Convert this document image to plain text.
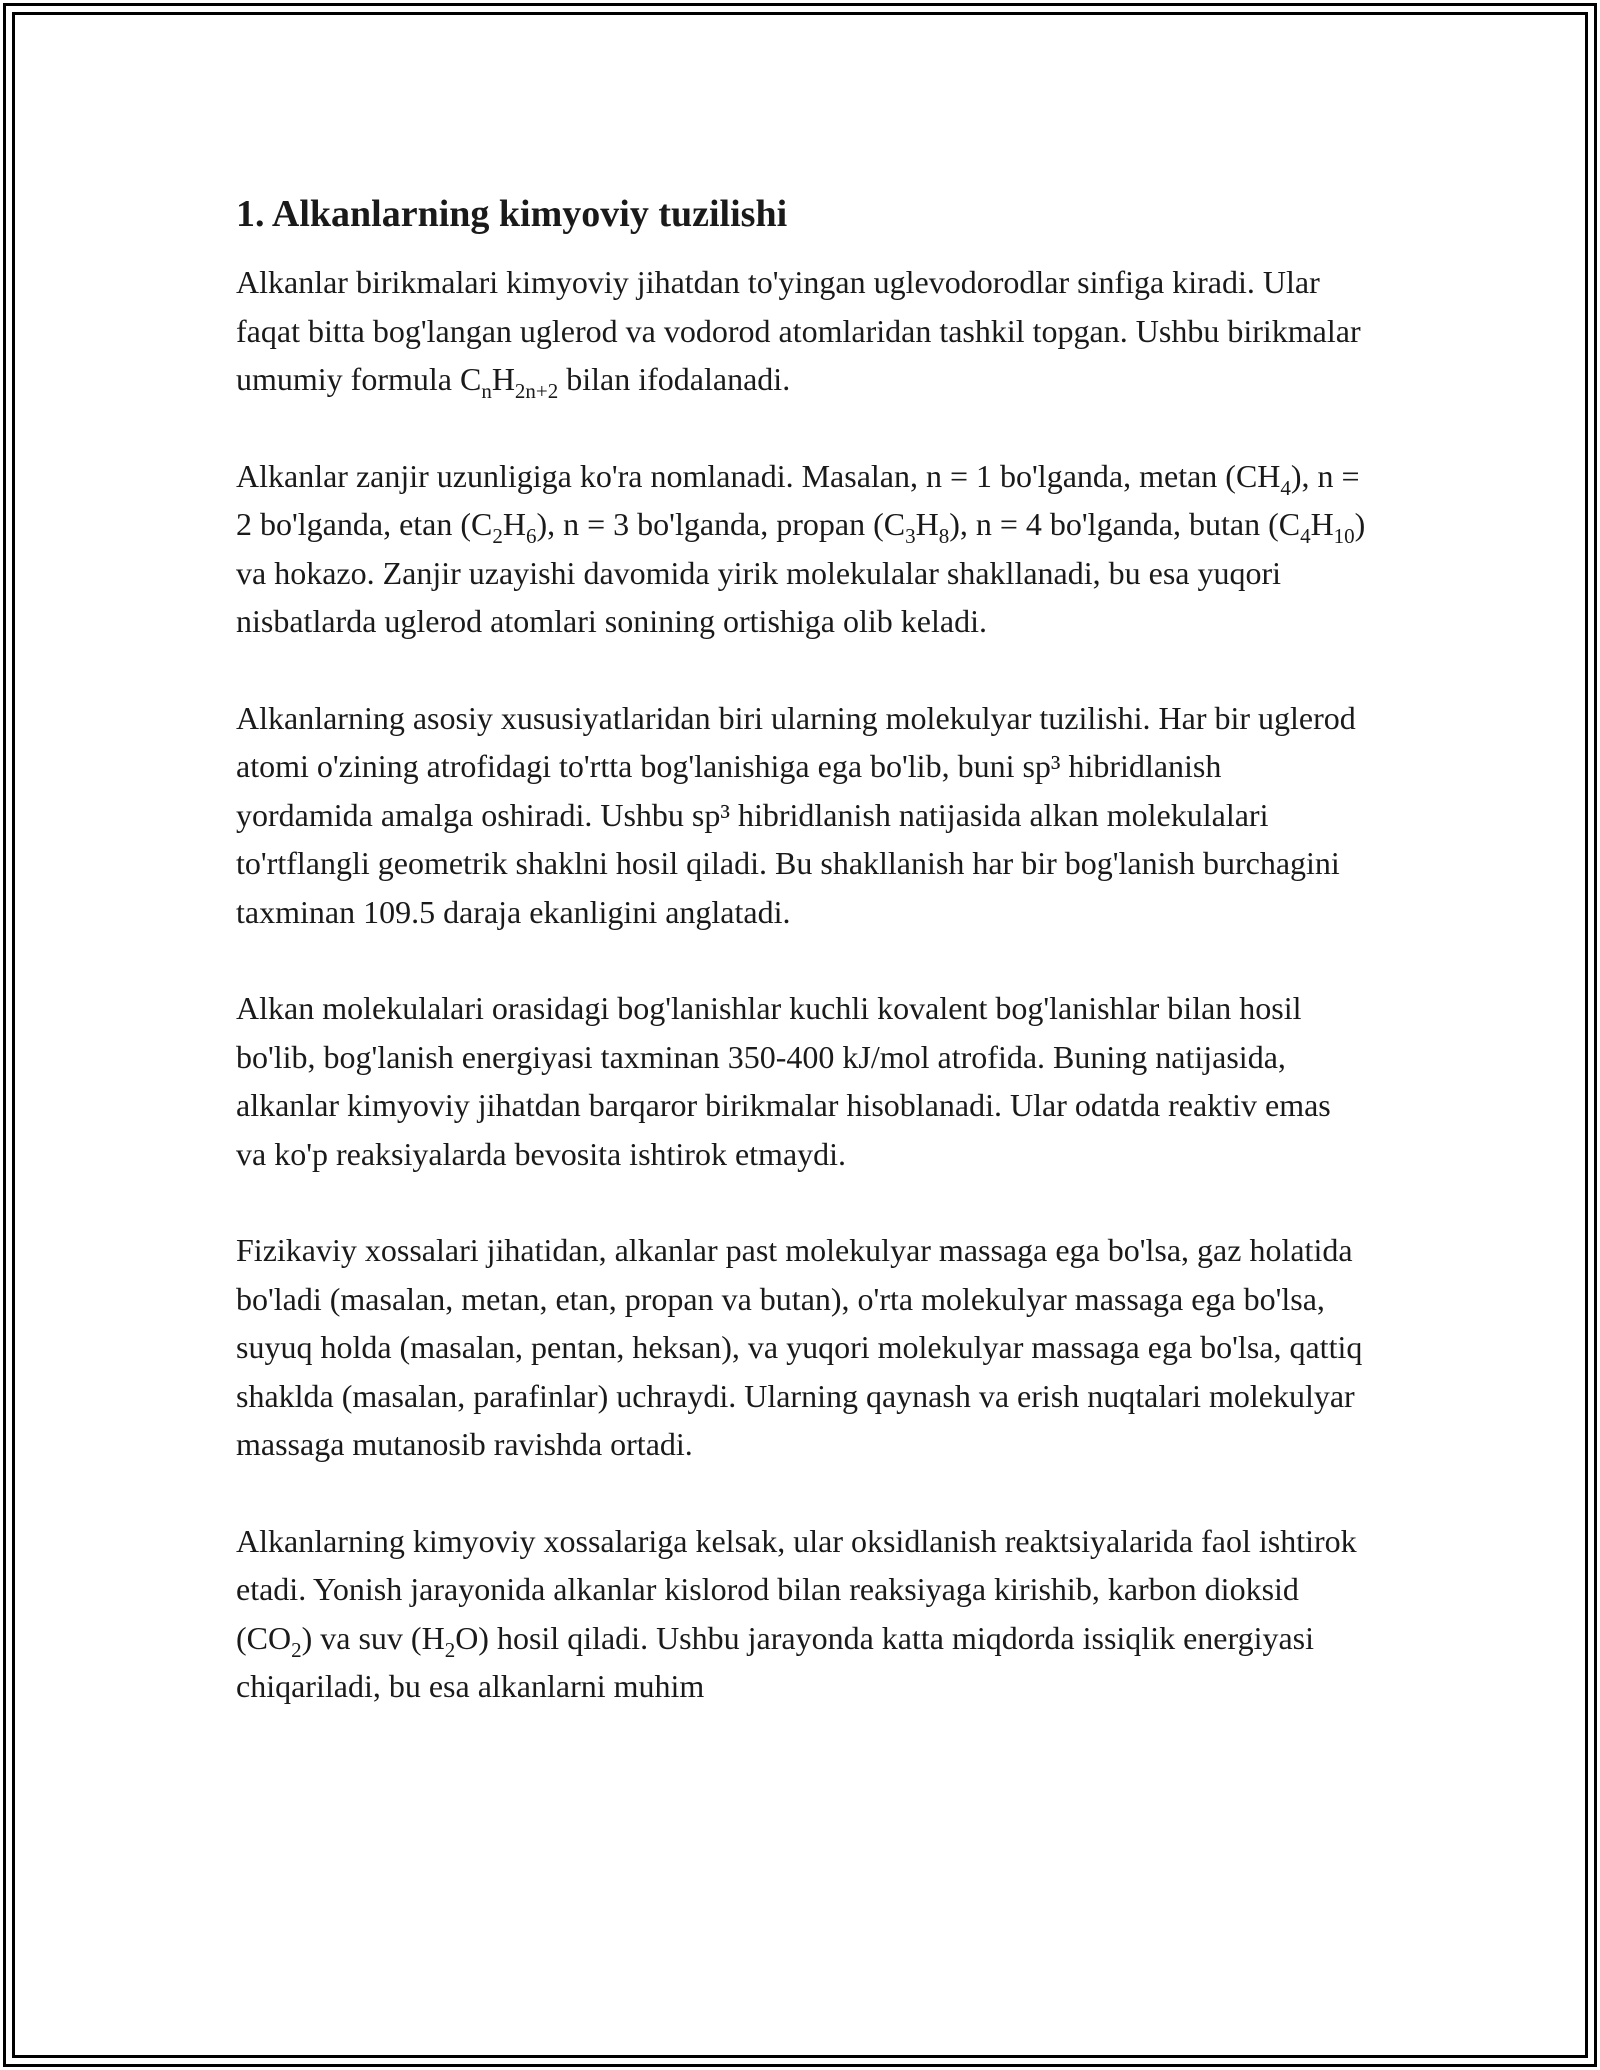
1. Alkanlarning kimyoviy tuzilishi

Alkanlar birikmalari kimyoviy jihatdan to'yingan uglevodorodlar sinfiga kiradi. Ular faqat bitta bog'langan uglerod va vodorod atomlaridan tashkil topgan. Ushbu birikmalar umumiy formula $C_nH_{2n+2}$ bilan ifodalanadi.

Alkanlar zanjir uzunligiga ko'ra nomlanadi. Masalan, n = 1 bo'lganda, metan $(CH_4)$, n = 2 bo'lganda, etan $(C_2H_6)$, n = 3 bo'lganda, propan $(C_3H_8)$, n = 4 bo'lganda, butan $(C_4H_{10})$ va hokazo. Zanjir uzayishi davomida yirik molekulalar shakllanadi, bu esa yuqori nisbatlarda uglerod atomlari sonining ortishiga olib keladi.

Alkanlarning asosiy xususiyatlaridan biri ularning molekulyar tuzilishi. Har bir uglerod atomi o'zining atrofidagi to'rtta bog'lanishiga ega bo'lib, buni sp³ hibridlanish yordamida amalga oshiradi. Ushbu sp³ hibridlanish natijasida alkan molekulalari to'rtflangli geometrik shaklni hosil qiladi. Bu shakllanish har bir bog'lanish burchagini taxminan 109.5 daraja ekanligini anglatadi.

Alkan molekulalari orasidagi bog'lanishlar kuchli kovalent bog'lanishlar bilan hosil bo'lib, bog'lanish energiyasi taxminan 350-400 kJ/mol atrofida. Buning natijasida, alkanlar kimyoviy jihatdan barqaror birikmalar hisoblanadi. Ular odatda reaktiv emas va ko'p reaksiyalarda bevosita ishtirok etmaydi.

Fizikaviy xossalari jihatidan, alkanlar past molekulyar massaga ega bo'lsa, gaz holatida bo'ladi (masalan, metan, etan, propan va butan), o'rta molekulyar massaga ega bo'lsa, suyuq holda (masalan, pentan, heksan), va yuqori molekulyar massaga ega bo'lsa, qattiq shaklda (masalan, parafinlar) uchraydi. Ularning qaynash va erish nuqtalari molekulyar massaga mutanosib ravishda ortadi.

Alkanlarning kimyoviy xossalariga kelsak, ular oksidlanish reaktsiyalarida faol ishtirok etadi. Yonish jarayonida alkanlar kislorod bilan reaksiyaga kirishib, karbon dioksid $(CO_2)$ va suv $(H_2O)$ hosil qiladi. Ushbu jarayonda katta miqdorda issiqlik energiyasi chiqariladi, bu esa alkanlarni muhim
